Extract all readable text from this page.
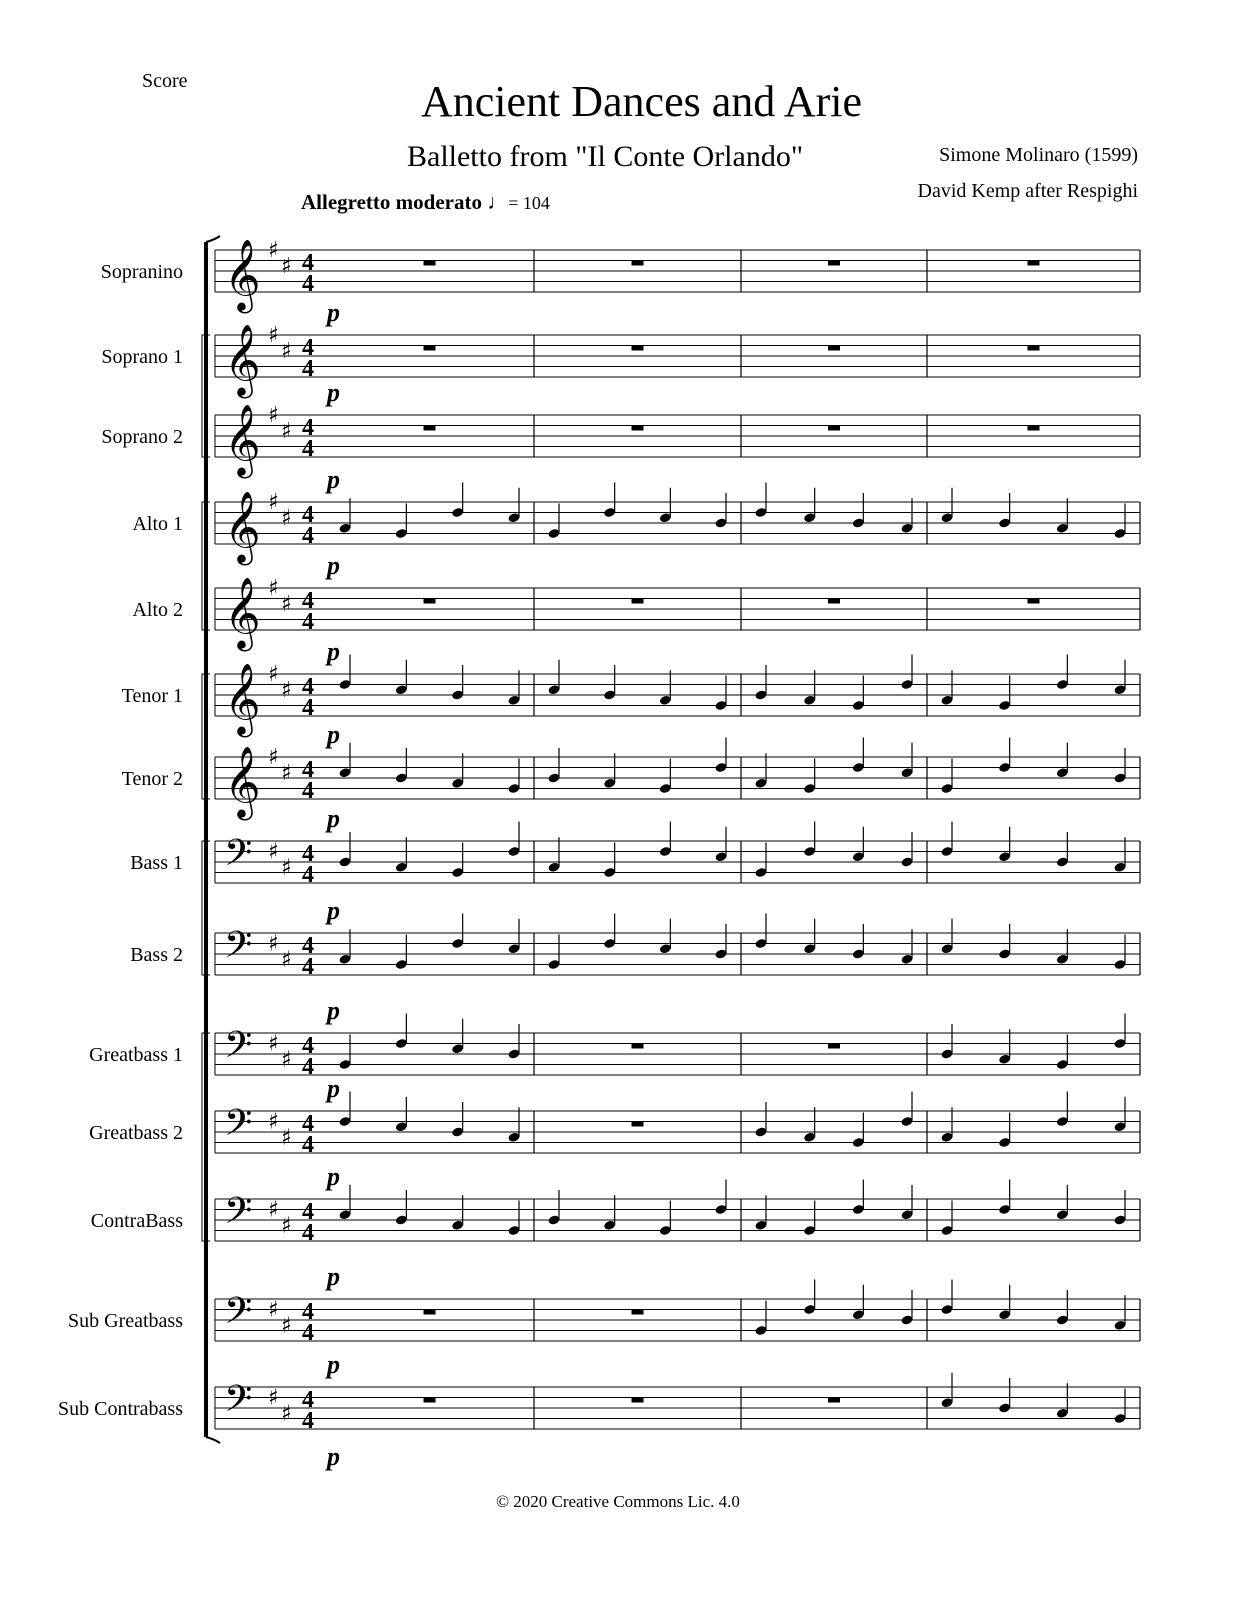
Score	Ancient Dances and Arie
Balletto from "Il Conte Orlando"	Simone Molinaro (1599)
David Kemp after Respighi
Allegretto moderato ♩= 104
Sopranino 𝄞 ♯
♯ 4
4
Soprano 1 𝄞 ♯
♯ 4
4
p
Soprano 2 𝄞 ♯
♯ 4
4
p
Alto 1 𝄞 ♯
♯ 4
4
p
Alto 2 𝄞 ♯
♯ 4
4
p
Tenor 1 𝄞 ♯
♯ 4
4
p
Tenor 2 𝄞 ♯
♯ 4
4
p
Bass 1 𝄢 ♯
♯
4
4
p
Bass 2 𝄢 ♯
♯
4
4
p
Greatbass 1 𝄢 ♯
♯
4
4
p
Greatbass 2 𝄢 ♯
♯
4
4
p
ContraBass 𝄢 ♯
♯
4
4
p
Sub Greatbass 𝄢 ♯
♯
4
4
p
Sub Contrabass 𝄢 ♯
♯
4
4
p
p
© 2020 Creative Commons Lic. 4.0
